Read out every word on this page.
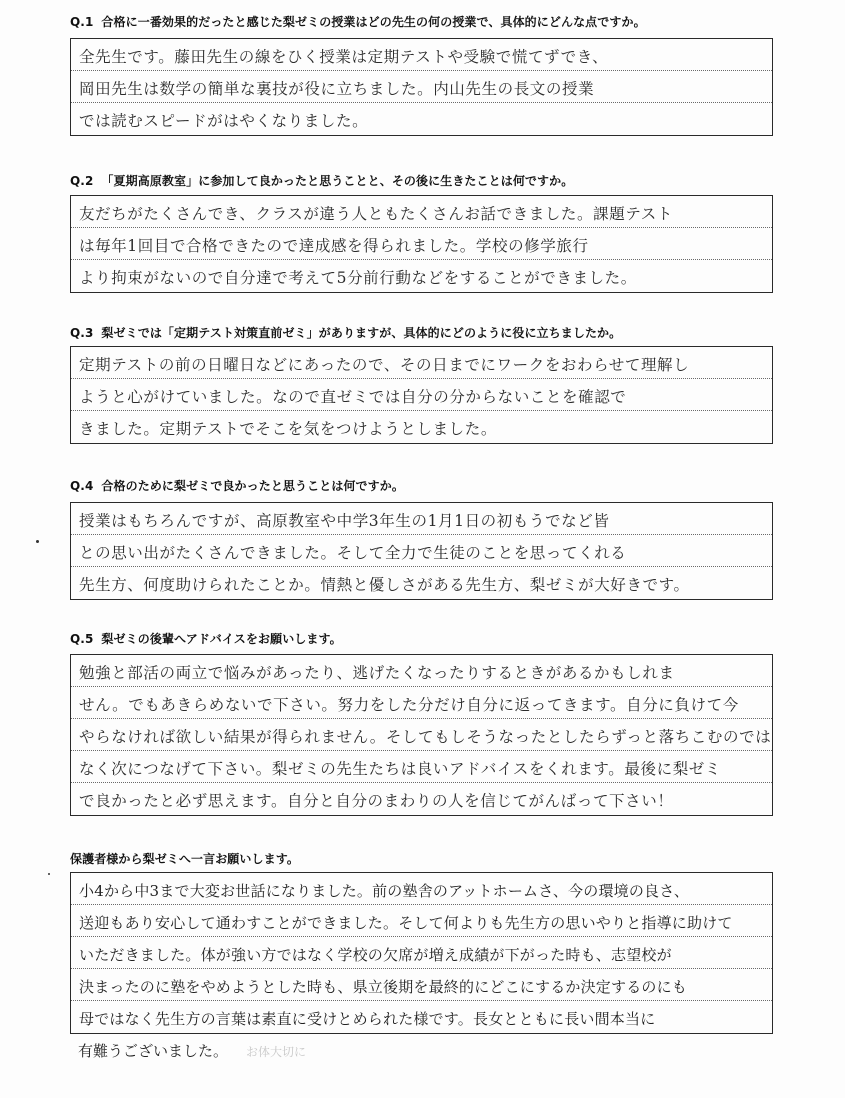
Q.1 合格に一番効果的だったと感じた梨ゼミの授業はどの先生の何の授業で、具体的にどんな点ですか。
全先生です。藤田先生の線をひく授業は定期テストや受験で慌てずでき、
岡田先生は数学の簡単な裏技が役に立ちました。内山先生の長文の授業
では読むスピードがはやくなりました。
Q.2 「夏期高原教室」に参加して良かったと思うことと、その後に生きたことは何ですか。
友だちがたくさんでき、クラスが違う人ともたくさんお話できました。課題テスト
は毎年1回目で合格できたので達成感を得られました。学校の修学旅行
より拘束がないので自分達で考えて5分前行動などをすることができました。
Q.3 梨ゼミでは「定期テスト対策直前ゼミ」がありますが、具体的にどのように役に立ちましたか。
定期テストの前の日曜日などにあったので、その日までにワークをおわらせて理解し
ようと心がけていました。なので直ゼミでは自分の分からないことを確認で
きました。定期テストでそこを気をつけようとしました。
Q.4 合格のために梨ゼミで良かったと思うことは何ですか。
授業はもちろんですが、高原教室や中学3年生の1月1日の初もうでなど皆
との思い出がたくさんできました。そして全力で生徒のことを思ってくれる
先生方、何度助けられたことか。情熱と優しさがある先生方、梨ゼミが大好きです。
Q.5 梨ゼミの後輩へアドバイスをお願いします。
勉強と部活の両立で悩みがあったり、逃げたくなったりするときがあるかもしれま
せん。でもあきらめないで下さい。努力をした分だけ自分に返ってきます。自分に負けて今
やらなければ欲しい結果が得られません。そしてもしそうなったとしたらずっと落ちこむのでは
なく次につなげて下さい。梨ゼミの先生たちは良いアドバイスをくれます。最後に梨ゼミ
で良かったと必ず思えます。自分と自分のまわりの人を信じてがんばって下さい！
保護者様から梨ゼミへ一言お願いします。
小4から中3まで大変お世話になりました。前の塾舎のアットホームさ、今の環境の良さ、
送迎もあり安心して通わすことができました。そして何よりも先生方の思いやりと指導に助けて
いただきました。体が強い方ではなく学校の欠席が増え成績が下がった時も、志望校が
決まったのに塾をやめようとした時も、県立後期を最終的にどこにするか決定するのにも
母ではなく先生方の言葉は素直に受けとめられた様です。長女とともに長い間本当に
有難うございました。 お体大切に
